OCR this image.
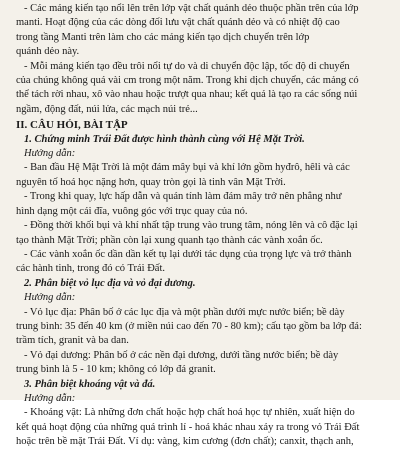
- Các mảng kiến tạo nổi lên trên lớp vật chất quánh dẻo thuộc phần trên của lớp
manti. Hoạt động của các dòng đối lưu vật chất quánh dẻo và có nhiệt độ cao
trong tầng Manti trên làm cho các mảng kiến tạo dịch chuyển trên lớp
quánh dẻo này.
- Mỗi mảng kiến tạo đều trôi nổi tự do và di chuyển độc lập, tốc độ di chuyển
của chúng không quá vài cm trong một năm. Trong khi dịch chuyển, các mảng có
thể tách rời nhau, xô vào nhau hoặc trượt qua nhau; kết quả là tạo ra các sống núi
ngầm, động đất, núi lửa, các mạch núi trẻ...
II. CÂU HỎI, BÀI TẬP
1. Chứng minh Trái Đất được hình thành cùng với Hệ Mặt Trời.
Hướng dẫn:
- Ban đầu Hệ Mặt Trời là một đám mây bụi và khí lớn gồm hyđrô, hêli và các
nguyên tố hoá học nặng hơn, quay tròn gọi là tinh vân Mặt Trời.
- Trong khi quay, lực hấp dẫn và quán tính làm đám mây trở nên phẳng như
hình dạng một cái đĩa, vuông góc với trục quay của nó.
- Đồng thời khối bụi và khí nhất tập trung vào trung tâm, nóng lên và cô đặc lại
tạo thành Mặt Trời; phần còn lại xung quanh tạo thành các vành xoắn ốc.
- Các vành xoắn ốc dần dần kết tụ lại dưới tác dụng của trọng lực và trở thành
các hành tinh, trong đó có Trái Đất.
2. Phân biệt vỏ lục địa và vỏ đại dương.
Hướng dẫn:
- Vỏ lục địa: Phân bố ở các lục địa và một phần dưới mực nước biển; bề dày
trung bình: 35 đến 40 km (ở miền núi cao đến 70 - 80 km); cấu tạo gồm ba lớp đá:
trầm tích, granit và ba dan.
- Vỏ đại dương: Phân bố ở các nền đại dương, dưới tầng nước biển; bề dày
trung bình là 5 - 10 km; không có lớp đá granit.
3. Phân biệt khoáng vật và đá.
Hướng dẫn:
- Khoáng vật: Là những đơn chất hoặc hợp chất hoá học tự nhiên, xuất hiện do
kết quả hoạt động của những quá trình lí - hoá khác nhau xảy ra trong vỏ Trái Đất
hoặc trên bề mặt Trái Đất. Ví dụ: vàng, kim cương (đơn chất); canxit, thạch anh,
